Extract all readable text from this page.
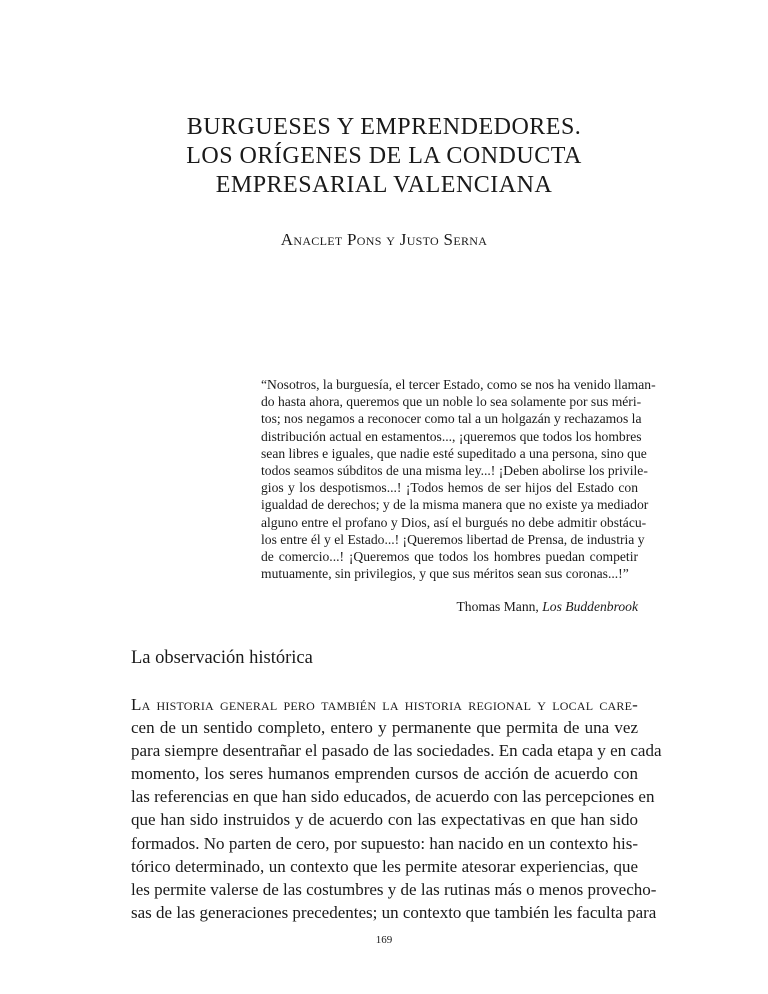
BURGUESES Y EMPRENDEDORES.
LOS ORÍGENES DE LA CONDUCTA
EMPRESARIAL VALENCIANA
Anaclet Pons y Justo Serna
“Nosotros, la burguesía, el tercer Estado, como se nos ha venido llaman-
do hasta ahora, queremos que un noble lo sea solamente por sus méri-
tos; nos negamos a reconocer como tal a un holgazán y rechazamos la
distribución actual en estamentos..., ¡queremos que todos los hombres
sean libres e iguales, que nadie esté supeditado a una persona, sino que
todos seamos súbditos de una misma ley...! ¡Deben abolirse los privile-
gios y los despotismos...! ¡Todos hemos de ser hijos del Estado con
igualdad de derechos; y de la misma manera que no existe ya mediador
alguno entre el profano y Dios, así el burgués no debe admitir obstácu-
los entre él y el Estado...! ¡Queremos libertad de Prensa, de industria y
de comercio...! ¡Queremos que todos los hombres puedan competir
mutuamente, sin privilegios, y que sus méritos sean sus coronas...!”
Thomas Mann, Los Buddenbrook
La observación histórica
La historia general pero también la historia regional y local care-
cen de un sentido completo, entero y permanente que permita de una vez
para siempre desentrañar el pasado de las sociedades. En cada etapa y en cada
momento, los seres humanos emprenden cursos de acción de acuerdo con
las referencias en que han sido educados, de acuerdo con las percepciones en
que han sido instruidos y de acuerdo con las expectativas en que han sido
formados. No parten de cero, por supuesto: han nacido en un contexto his-
tórico determinado, un contexto que les permite atesorar experiencias, que
les permite valerse de las costumbres y de las rutinas más o menos provecho-
sas de las generaciones precedentes; un contexto que también les faculta para
169
